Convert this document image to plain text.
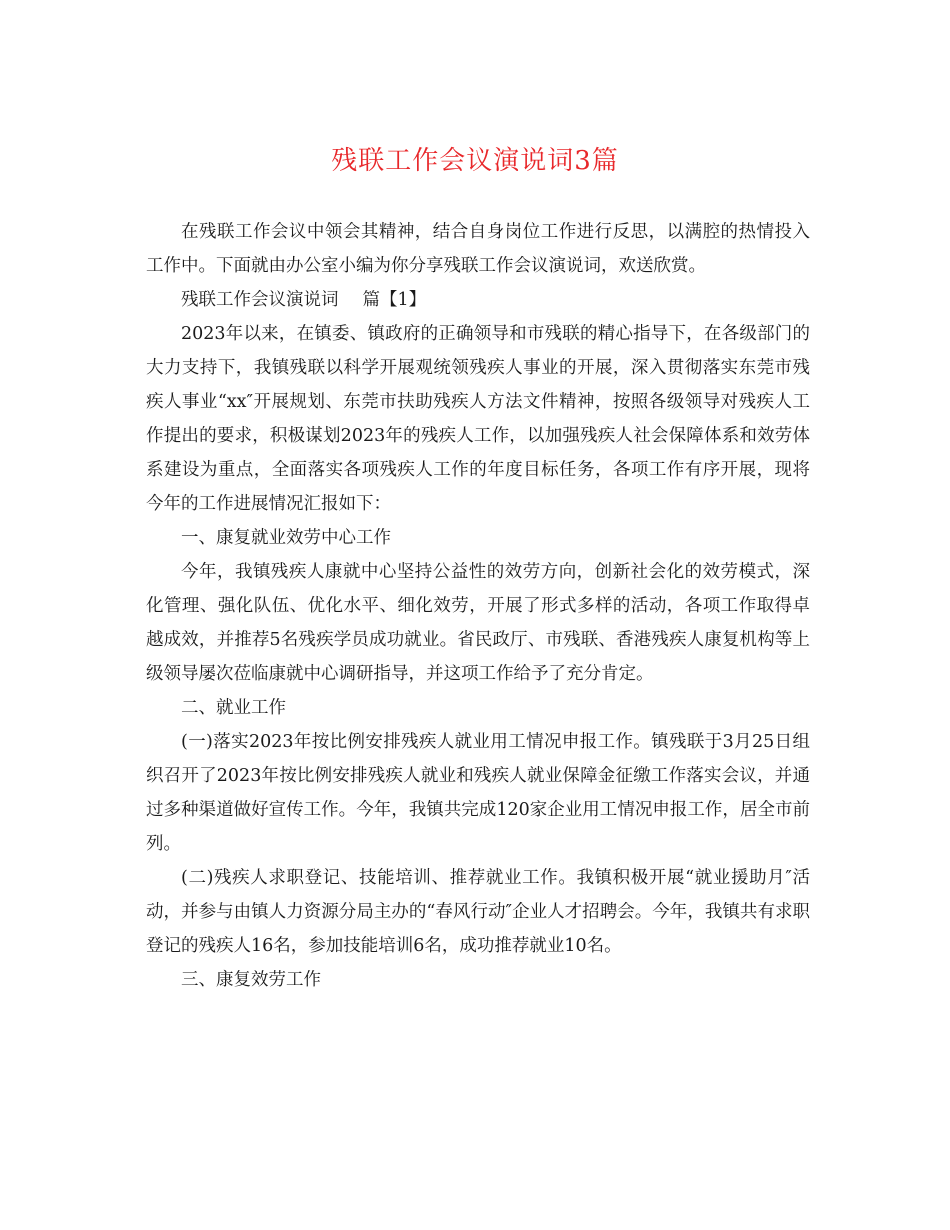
残联工作会议演说词3篇

在残联工作会议中领会其精神，结合自身岗位工作进行反思，以满腔的热情投入工作中。下面就由办公室小编为你分享残联工作会议演说词，欢送欣赏。

残联工作会议演说词 篇【1】

2023年以来，在镇委、镇政府的正确领导和市残联的精心指导下，在各级部门的大力支持下，我镇残联以科学开展观统领残疾人事业的开展，深入贯彻落实东莞市残疾人事业“xx″开展规划、东莞市扶助残疾人方法文件精神，按照各级领导对残疾人工作提出的要求，积极谋划2023年的残疾人工作，以加强残疾人社会保障体系和效劳体系建设为重点，全面落实各项残疾人工作的年度目标任务，各项工作有序开展，现将今年的工作进展情况汇报如下：

一、康复就业效劳中心工作

今年，我镇残疾人康就中心坚持公益性的效劳方向，创新社会化的效劳模式，深化管理、强化队伍、优化水平、细化效劳，开展了形式多样的活动，各项工作取得卓越成效，并推荐5名残疾学员成功就业。省民政厅、市残联、香港残疾人康复机构等上级领导屡次莅临康就中心调研指导，并这项工作给予了充分肯定。

二、就业工作

(一)落实2023年按比例安排残疾人就业用工情况申报工作。镇残联于3月25日组织召开了2023年按比例安排残疾人就业和残疾人就业保障金征缴工作落实会议，并通过多种渠道做好宣传工作。今年，我镇共完成120家企业用工情况申报工作，居全市前列。

(二)残疾人求职登记、技能培训、推荐就业工作。我镇积极开展“就业援助月″活动，并参与由镇人力资源分局主办的“春风行动″企业人才招聘会。今年，我镇共有求职登记的残疾人16名，参加技能培训6名，成功推荐就业10名。

三、康复效劳工作
